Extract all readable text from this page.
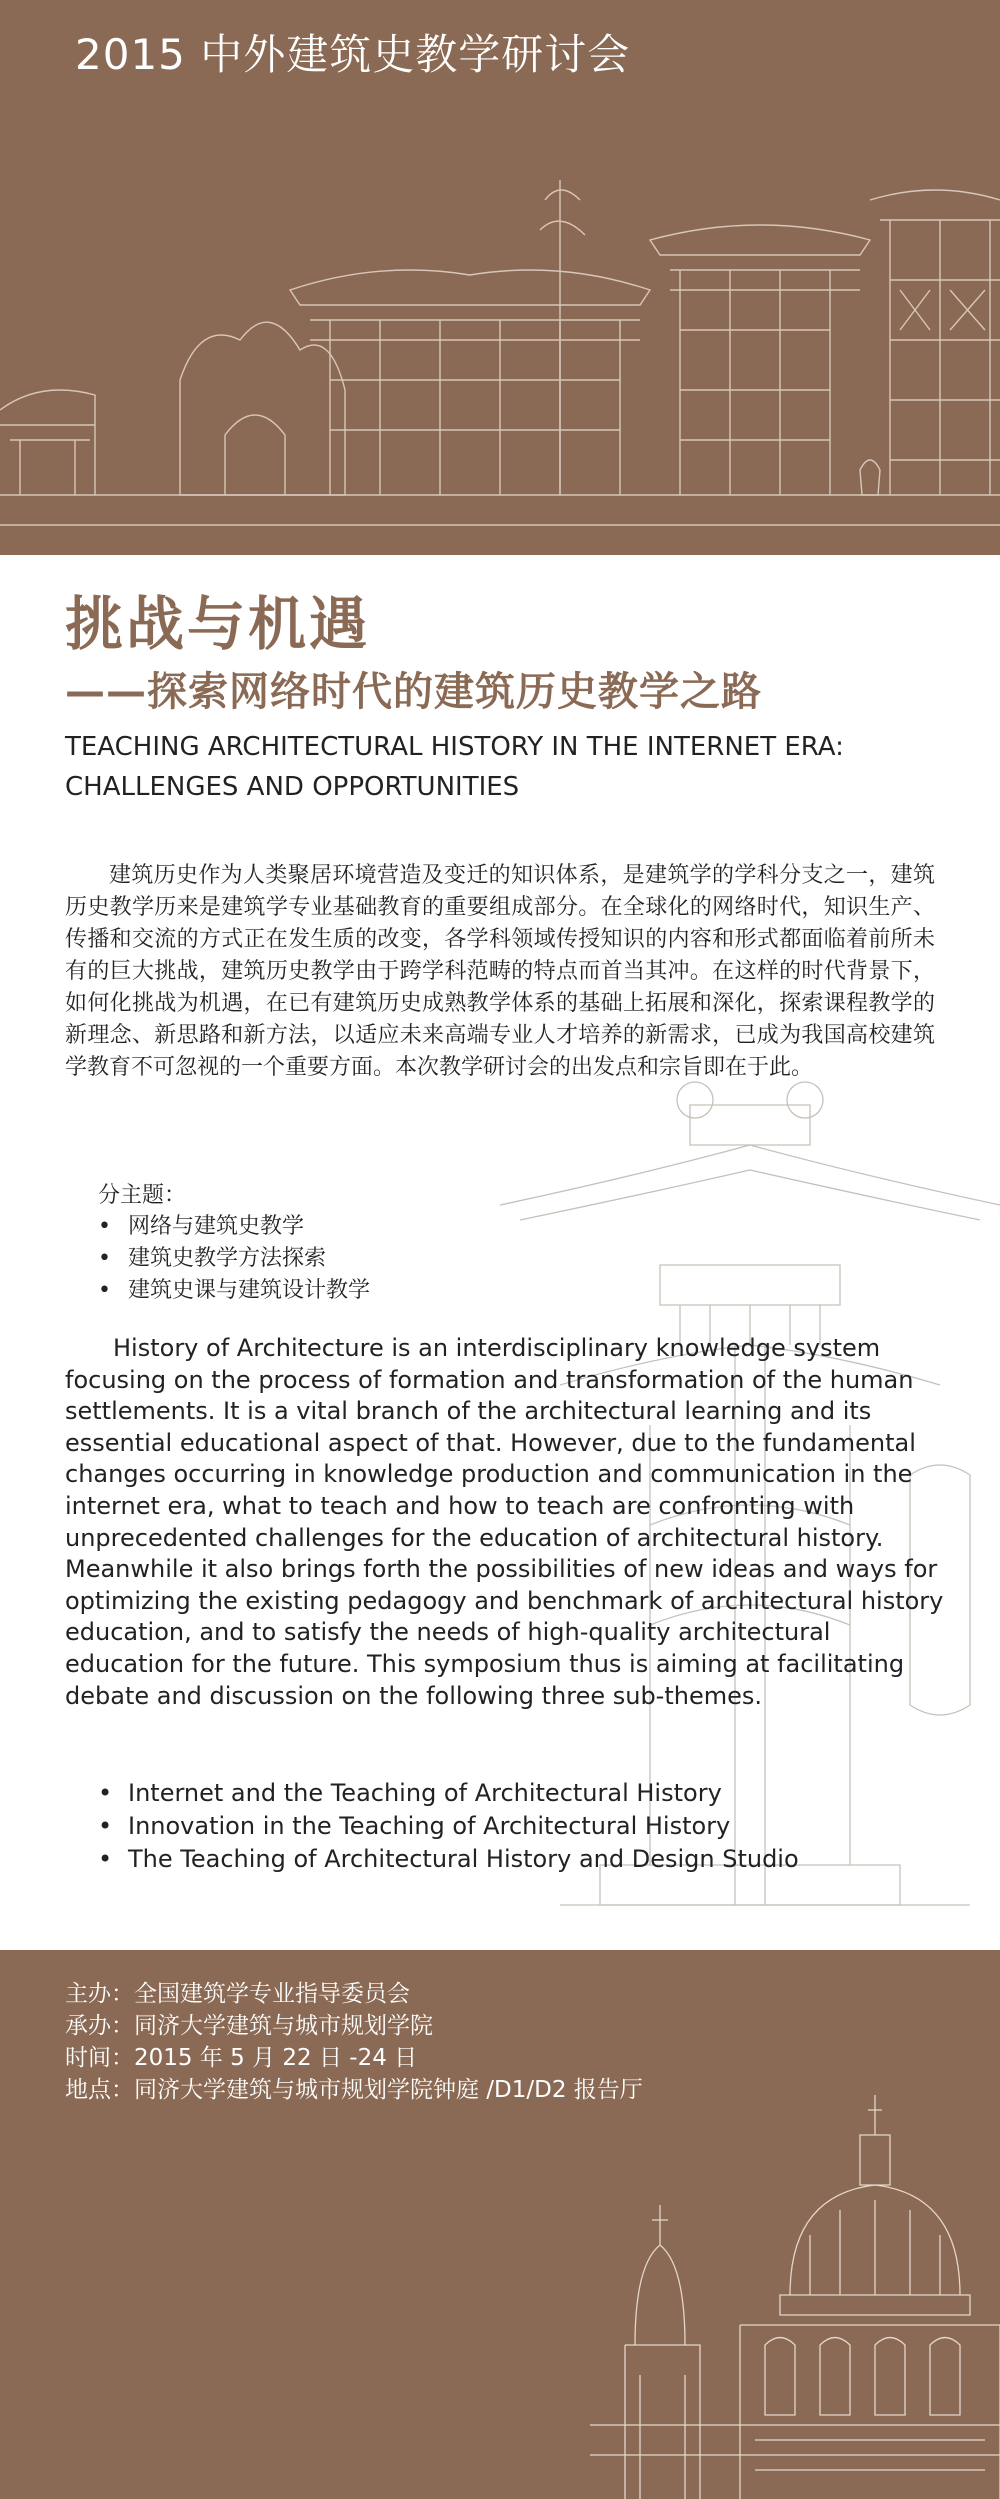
2015 中外建筑史教学研讨会
挑战与机遇
——探索网络时代的建筑历史教学之路
TEACHING ARCHITECTURAL HISTORY IN THE INTERNET ERA:
CHALLENGES AND OPPORTUNITIES
建筑历史作为人类聚居环境营造及变迁的知识体系，是建筑学的学科分支之一，建筑历史教学历来是建筑学专业基础教育的重要组成部分。在全球化的网络时代，知识生产、传播和交流的方式正在发生质的改变，各学科领域传授知识的内容和形式都面临着前所未有的巨大挑战，建筑历史教学由于跨学科范畴的特点而首当其冲。在这样的时代背景下，如何化挑战为机遇，在已有建筑历史成熟教学体系的基础上拓展和深化，探索课程教学的新理念、新思路和新方法，以适应未来高端专业人才培养的新需求，已成为我国高校建筑学教育不可忽视的一个重要方面。本次教学研讨会的出发点和宗旨即在于此。
分主题：
• 网络与建筑史教学
• 建筑史教学方法探索
• 建筑史课与建筑设计教学
History of Architecture is an interdisciplinary knowledge system focusing on the process of formation and transformation of the human settlements. It is a vital branch of the architectural learning and its essential educational aspect of that. However, due to the fundamental changes occurring in knowledge production and communication in the internet era, what to teach and how to teach are confronting with unprecedented challenges for the education of architectural history. Meanwhile it also brings forth the possibilities of new ideas and ways for optimizing the existing pedagogy and benchmark of architectural history education, and to satisfy the needs of high-quality architectural education for the future. This symposium thus is aiming at facilitating debate and discussion on the following three sub-themes.
• Internet and the Teaching of Architectural History
• Innovation in the Teaching of Architectural History
• The Teaching of Architectural History and Design Studio
主办：全国建筑学专业指导委员会
承办：同济大学建筑与城市规划学院
时间：2015 年 5 月 22 日 -24 日
地点：同济大学建筑与城市规划学院钟庭 /D1/D2 报告厅
